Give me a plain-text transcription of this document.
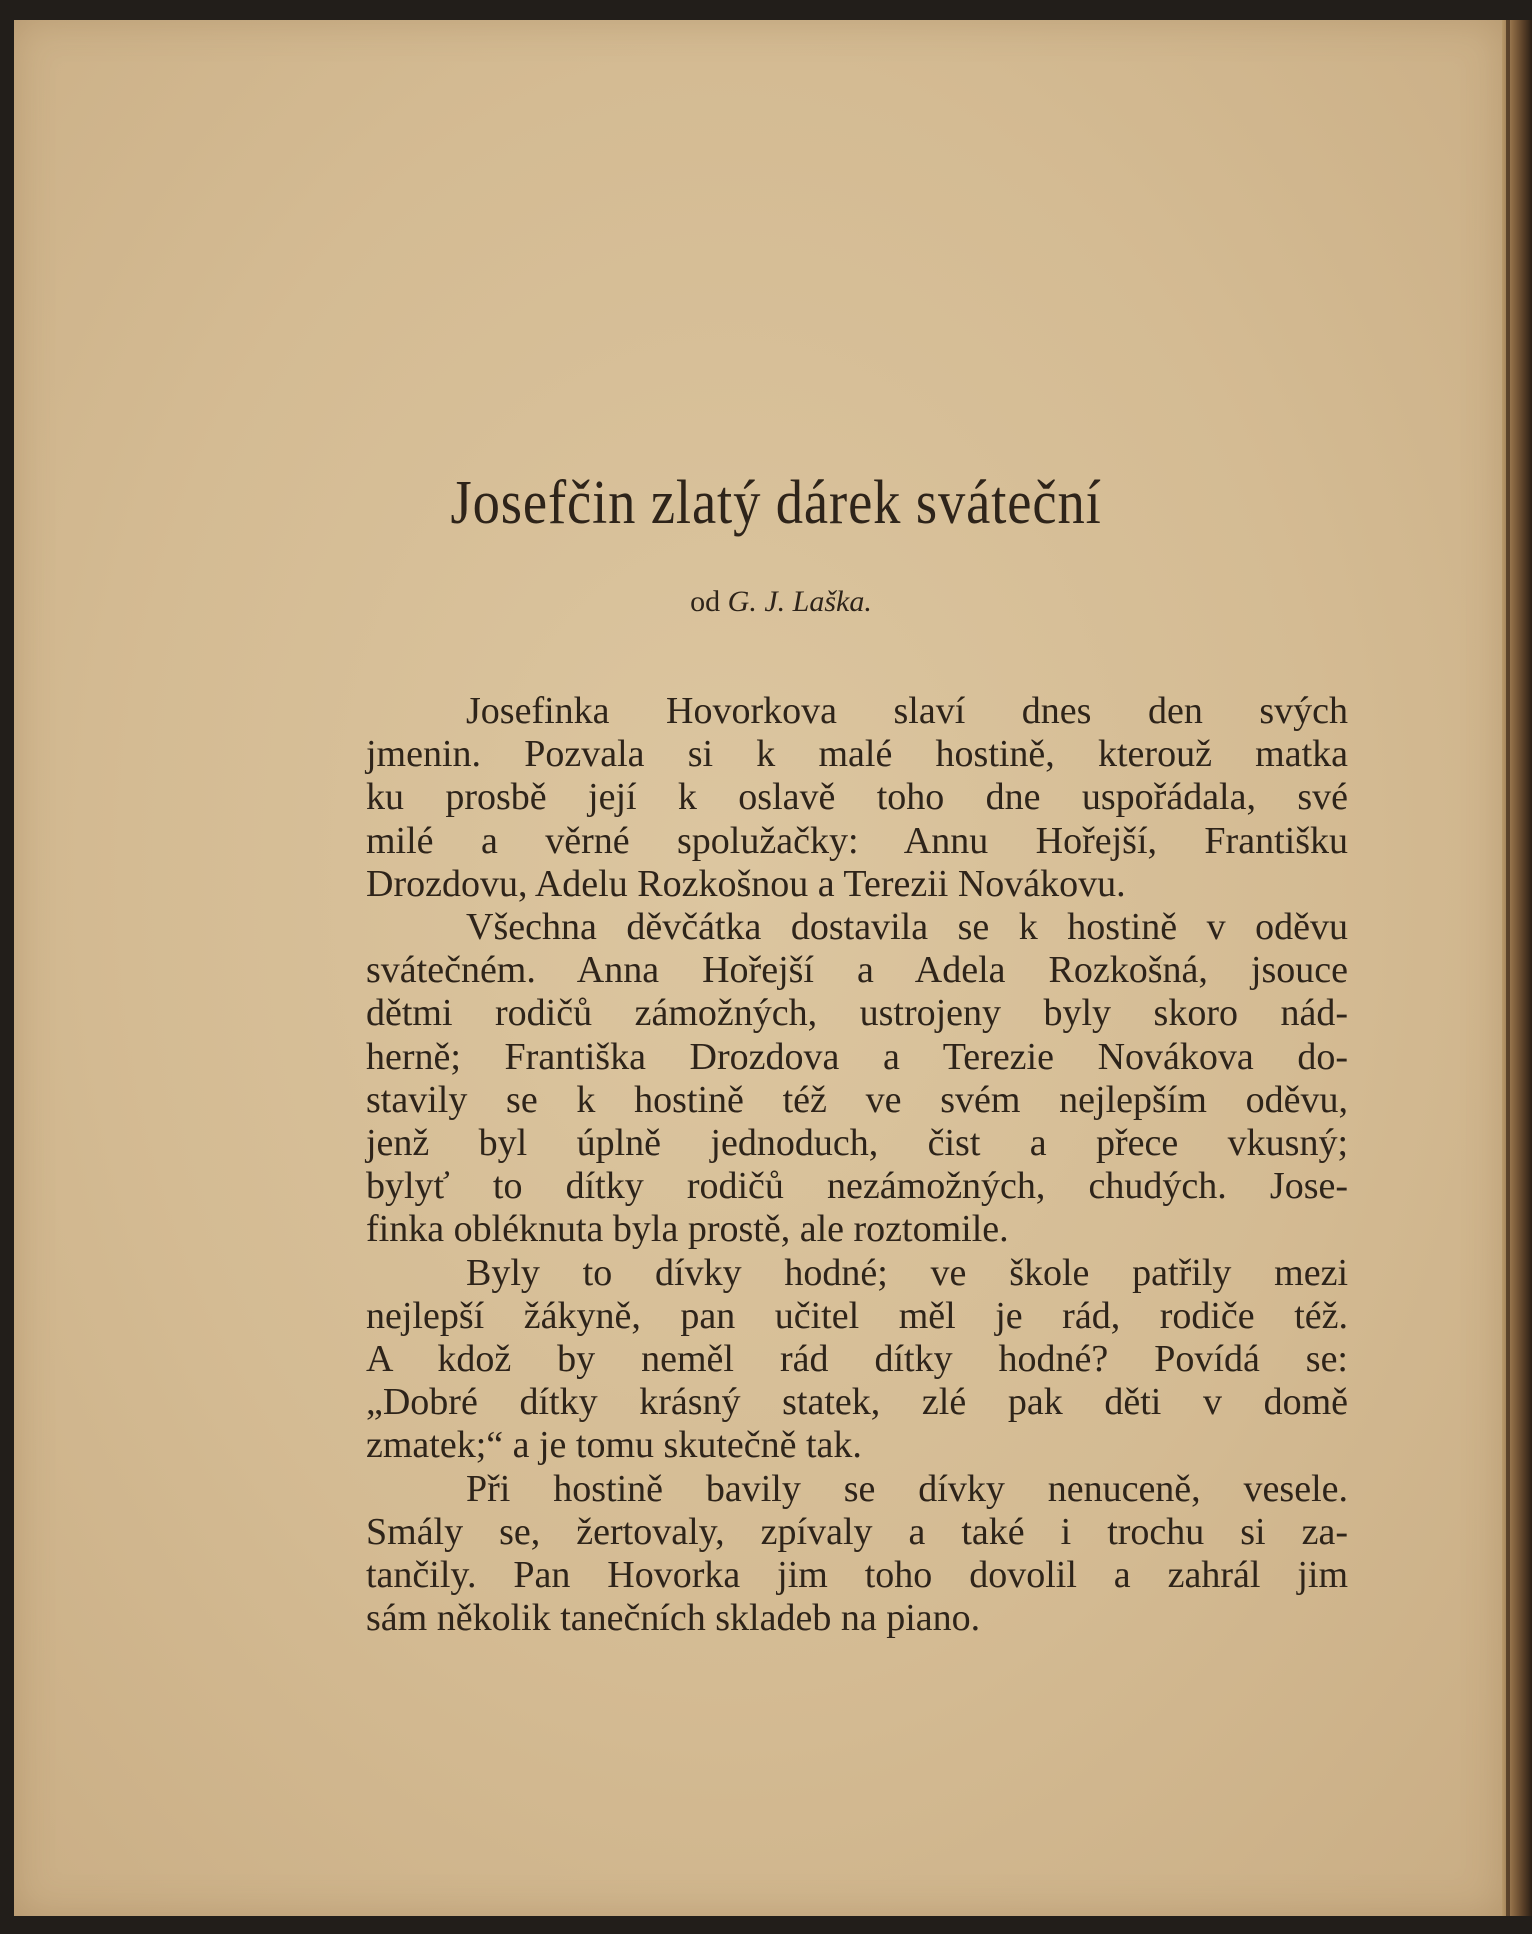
Josefčin zlatý dárek sváteční

od G. J. Laška.

Josefinka Hovorkova slaví dnes den svých
jmenin. Pozvala si k malé hostině, kterouž matka
ku prosbě její k oslavě toho dne uspořádala, své
milé a věrné spolužačky: Annu Hořejší, Františku
Drozdovu, Adelu Rozkošnou a Terezii Novákovu.
Všechna děvčátka dostavila se k hostině v oděvu
svátečném. Anna Hořejší a Adela Rozkošná, jsouce
dětmi rodičů zámožných, ustrojeny byly skoro nád-
herně; Františka Drozdova a Terezie Novákova do-
stavily se k hostině též ve svém nejlepším oděvu,
jenž byl úplně jednoduch, čist a přece vkusný;
bylyť to dítky rodičů nezámožných, chudých. Jose-
finka obléknuta byla prostě, ale roztomile.
Byly to dívky hodné; ve škole patřily mezi
nejlepší žákyně, pan učitel měl je rád, rodiče též.
A kdož by neměl rád dítky hodné? Povídá se:
„Dobré dítky krásný statek, zlé pak děti v domě
zmatek;“ a je tomu skutečně tak.
Při hostině bavily se dívky nenuceně, vesele.
Smály se, žertovaly, zpívaly a také i trochu si za-
tančily. Pan Hovorka jim toho dovolil a zahrál jim
sám několik tanečních skladeb na piano.
